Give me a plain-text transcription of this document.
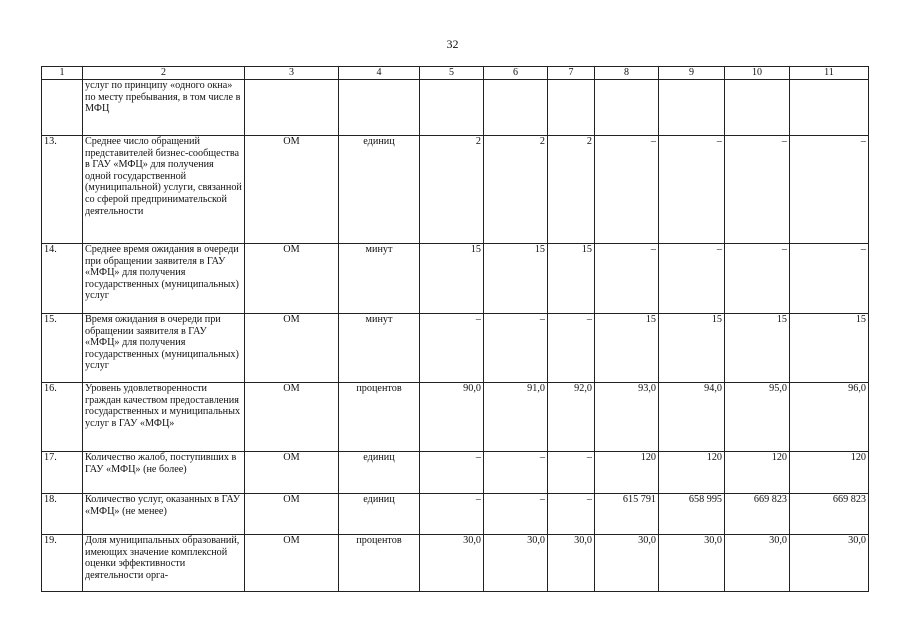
32
1	2	3	4	5	6	7	8	9	10	11
	услуг по принципу «одного окна» по месту пребывания, в том числе в МФЦ									
13.	Среднее число обращений представителей бизнес-сообщества в ГАУ «МФЦ» для получения одной государственной (муниципальной) услуги, связанной со сферой предпринимательской деятельности	ОМ	единиц	2	2	2	–	–	–	–
14.	Среднее время ожидания в очереди при обращении заявителя в ГАУ «МФЦ» для получения государственных (муниципальных) услуг	ОМ	минут	15	15	15	–	–	–	–
15.	Время ожидания в очереди при обращении заявителя в ГАУ «МФЦ» для получения государственных (муниципальных) услуг	ОМ	минут	–	–	–	15	15	15	15
16.	Уровень удовлетворенности граждан качеством предоставления государственных и муниципальных услуг в ГАУ «МФЦ»	ОМ	процентов	90,0	91,0	92,0	93,0	94,0	95,0	96,0
17.	Количество жалоб, поступивших в ГАУ «МФЦ» (не более)	ОМ	единиц	–	–	–	120	120	120	120
18.	Количество услуг, оказанных в ГАУ «МФЦ» (не менее)	ОМ	единиц	–	–	–	615 791	658 995	669 823	669 823
19.	Доля муниципальных образований, имеющих значение комплексной оценки эффективности деятельности орга-	ОМ	процентов	30,0	30,0	30,0	30,0	30,0	30,0	30,0
